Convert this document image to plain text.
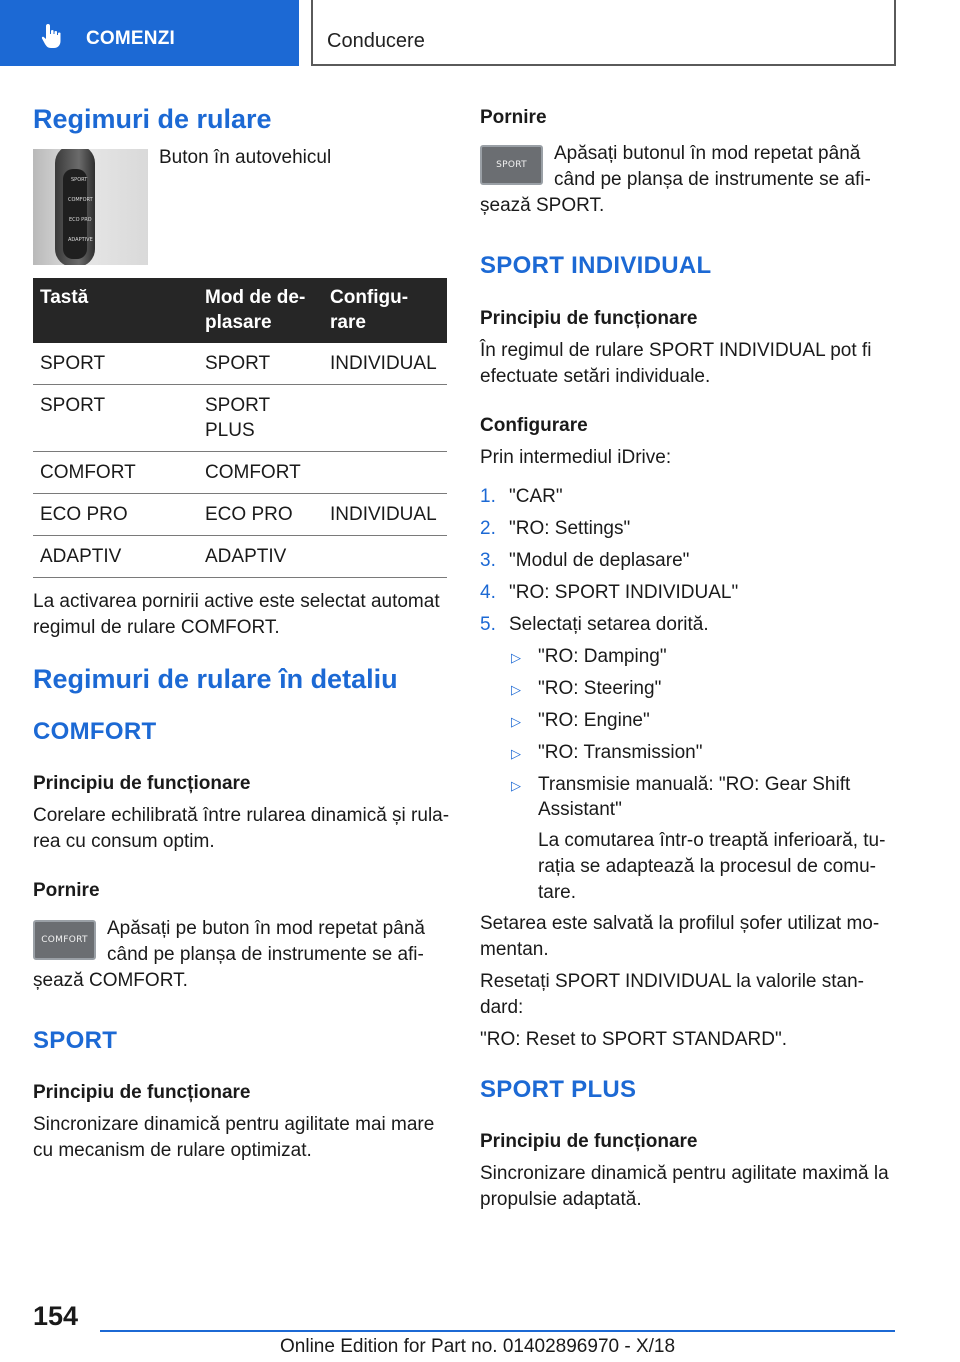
COMENZI	Conducere
Regimuri de rulare
SPORT
COMFORT
ECO PRO
ADAPTIVE
Buton în autovehicul
Tastă	Mod de de-
plasare	Configu-
rare
SPORT	SPORT	INDIVIDUAL
SPORT	SPORT
PLUS	
COMFORT	COMFORT	
ECO PRO	ECO PRO	INDIVIDUAL
ADAPTIV	ADAPTIV	
La activarea pornirii active este selectat automat
regimul de rulare COMFORT.
Regimuri de rulare în detaliu
COMFORT
Principiu de funcționare
Corelare echilibrată între rularea dinamică și rula-
rea cu consum optim.
Pornire
COMFORT
Apăsați pe buton în mod repetat până
când pe planșa de instrumente se afi-
șează COMFORT.
SPORT
Principiu de funcționare
Sincronizare dinamică pentru agilitate mai mare
cu mecanism de rulare optimizat.
Pornire
SPORT
Apăsați butonul în mod repetat până
când pe planșa de instrumente se afi-
șează SPORT.
SPORT INDIVIDUAL
Principiu de funcționare
În regimul de rulare SPORT INDIVIDUAL pot fi
efectuate setări individuale.
Configurare
Prin intermediul iDrive:
1. "CAR"
2. "RO: Settings"
3. "Modul de deplasare"
4. "RO: SPORT INDIVIDUAL"
5. Selectați setarea dorită.
▷ "RO: Damping"
▷ "RO: Steering"
▷ "RO: Engine"
▷ "RO: Transmission"
▷ Transmisie manuală: "RO: Gear Shift
Assistant"
La comutarea într-o treaptă inferioară, tu-
rația se adaptează la procesul de comu-
tare.
Setarea este salvată la profilul șofer utilizat mo-
mentan.
Resetați SPORT INDIVIDUAL la valorile stan-
dard:
"RO: Reset to SPORT STANDARD".
SPORT PLUS
Principiu de funcționare
Sincronizare dinamică pentru agilitate maximă la
propulsie adaptată.
154
Online Edition for Part no. 01402896970 - X/18
